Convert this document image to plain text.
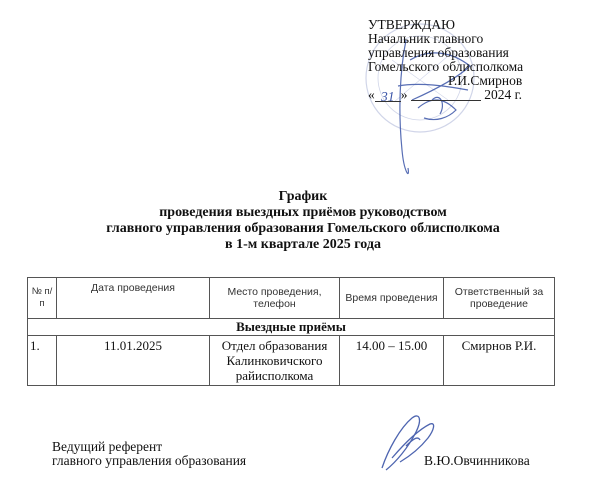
УТВЕРЖДАЮ
Начальник главного
управления образования
Гомельского облисполкома
Р.И.Смирнов
« 31 »	2024 г.
График
проведения выездных приёмов руководством
главного управления образования Гомельского облисполкома
в 1-м квартале 2025 года
№ п/п	Дата проведения	Место проведения, телефон	Время проведения	Ответственный за проведение
Выездные приёмы				
1.	11.01.2025	Отдел образования Калинковичского райисполкома	14.00 – 15.00	Смирнов Р.И.
Ведущий референт
главного управления образования	В.Ю.Овчинникова
